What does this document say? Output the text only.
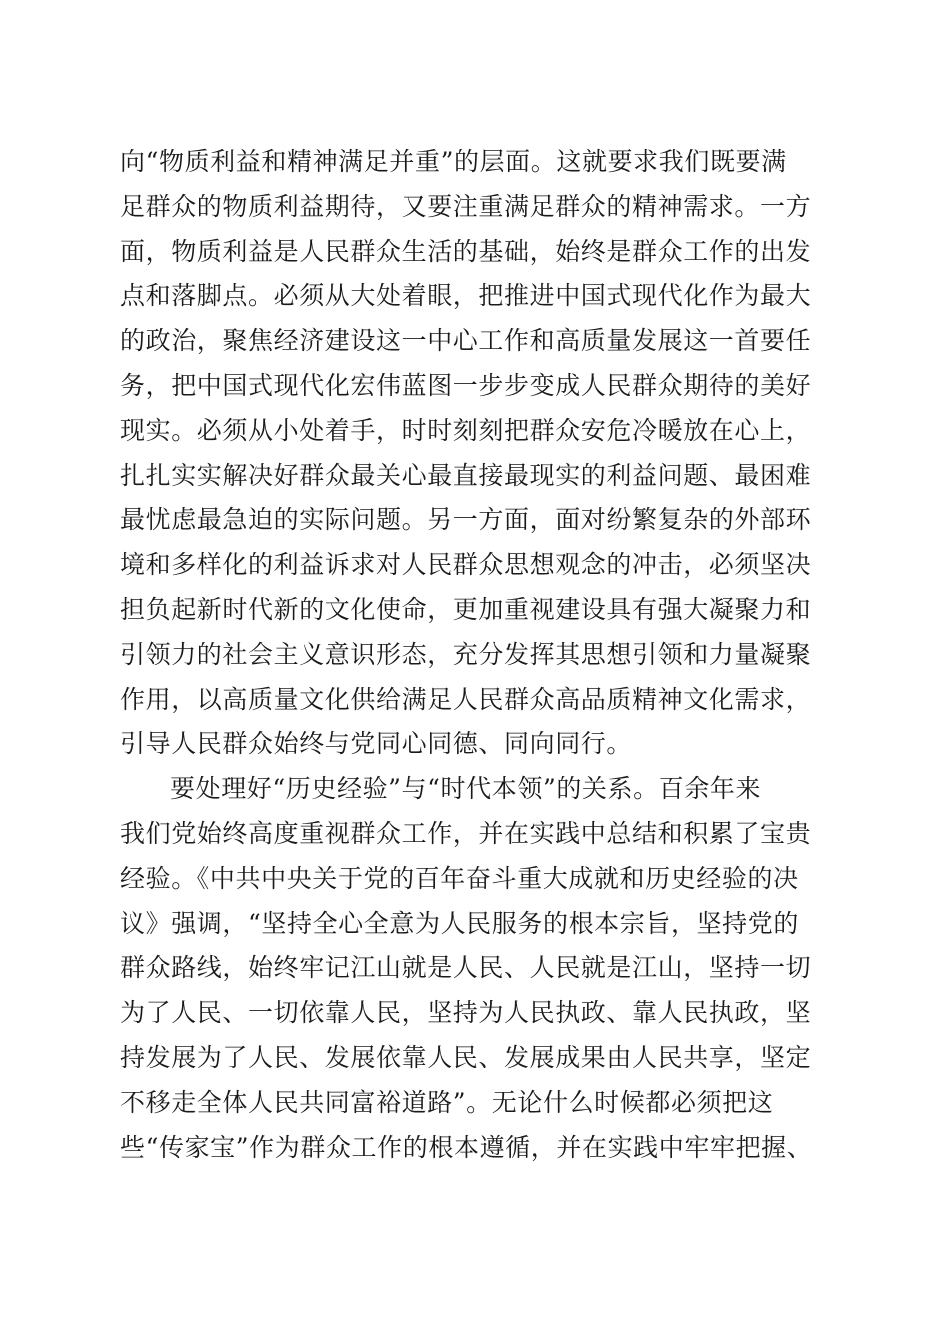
向“物质利益和精神满足并重”的层面。这就要求我们既要满
足群众的物质利益期待，又要注重满足群众的精神需求。一方
面，物质利益是人民群众生活的基础，始终是群众工作的出发
点和落脚点。必须从大处着眼，把推进中国式现代化作为最大
的政治，聚焦经济建设这一中心工作和高质量发展这一首要任
务，把中国式现代化宏伟蓝图一步步变成人民群众期待的美好
现实。必须从小处着手，时时刻刻把群众安危冷暖放在心上，
扎扎实实解决好群众最关心最直接最现实的利益问题、最困难
最忧虑最急迫的实际问题。另一方面，面对纷繁复杂的外部环
境和多样化的利益诉求对人民群众思想观念的冲击，必须坚决
担负起新时代新的文化使命，更加重视建设具有强大凝聚力和
引领力的社会主义意识形态，充分发挥其思想引领和力量凝聚
作用，以高质量文化供给满足人民群众高品质精神文化需求，
引导人民群众始终与党同心同德、同向同行。
要处理好“历史经验”与“时代本领”的关系。百余年来
我们党始终高度重视群众工作，并在实践中总结和积累了宝贵
经验。《中共中央关于党的百年奋斗重大成就和历史经验的决
议》强调，“坚持全心全意为人民服务的根本宗旨，坚持党的
群众路线，始终牢记江山就是人民、人民就是江山，坚持一切
为了人民、一切依靠人民，坚持为人民执政、靠人民执政，坚
持发展为了人民、发展依靠人民、发展成果由人民共享，坚定
不移走全体人民共同富裕道路”。无论什么时候都必须把这
些“传家宝”作为群众工作的根本遵循，并在实践中牢牢把握、
